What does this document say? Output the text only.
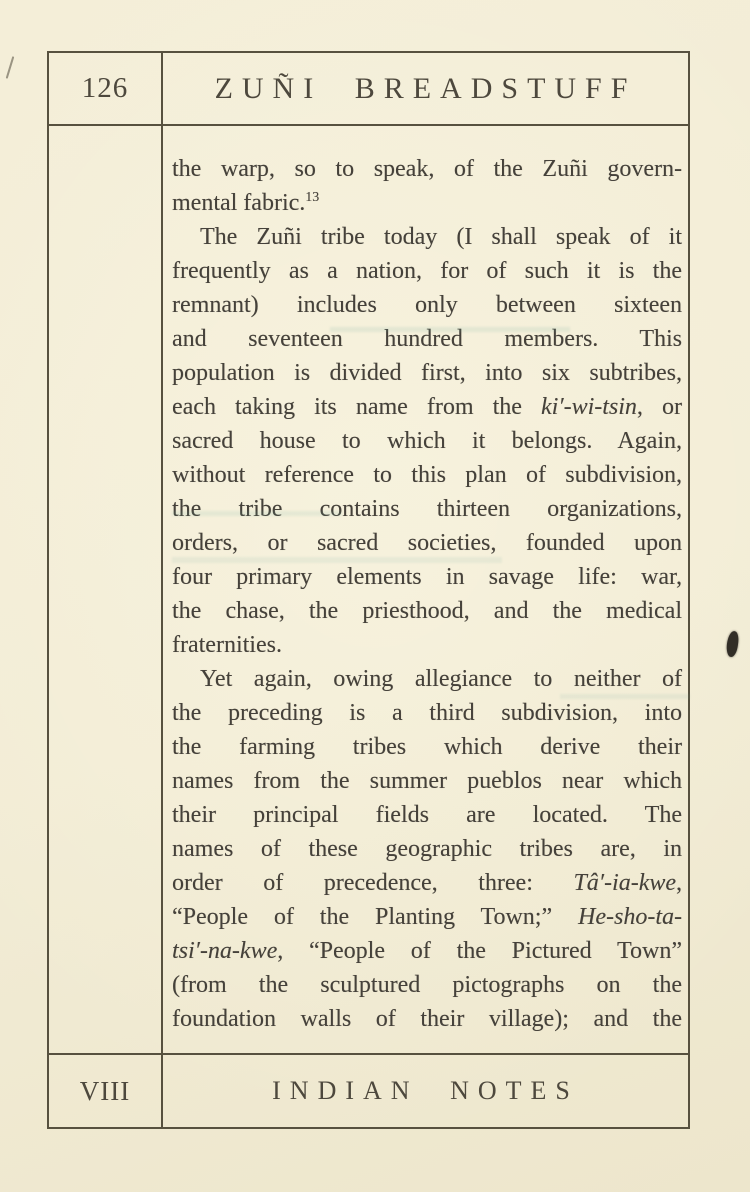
126	ZUÑI BREADSTUFF
the warp, so to speak, of the Zuñi govern-
mental fabric.$^{13}$
The Zuñi tribe today (I shall speak of it
frequently as a nation, for of such it is the
remnant) includes only between sixteen
and seventeen hundred members. This
population is divided first, into six subtribes,
each taking its name from the ki′-wi-tsin, or
sacred house to which it belongs. Again,
without reference to this plan of subdivision,
the tribe contains thirteen organizations,
orders, or sacred societies, founded upon
four primary elements in savage life: war,
the chase, the priesthood, and the medical
fraternities.
Yet again, owing allegiance to neither of
the preceding is a third subdivision, into
the farming tribes which derive their
names from the summer pueblos near which
their principal fields are located. The
names of these geographic tribes are, in
order of precedence, three: Tâ′-ia-kwe,
“People of the Planting Town;” He-sho-ta-
tsi′-na-kwe, “People of the Pictured Town”
(from the sculptured pictographs on the
foundation walls of their village); and the
VIII	INDIAN NOTES
